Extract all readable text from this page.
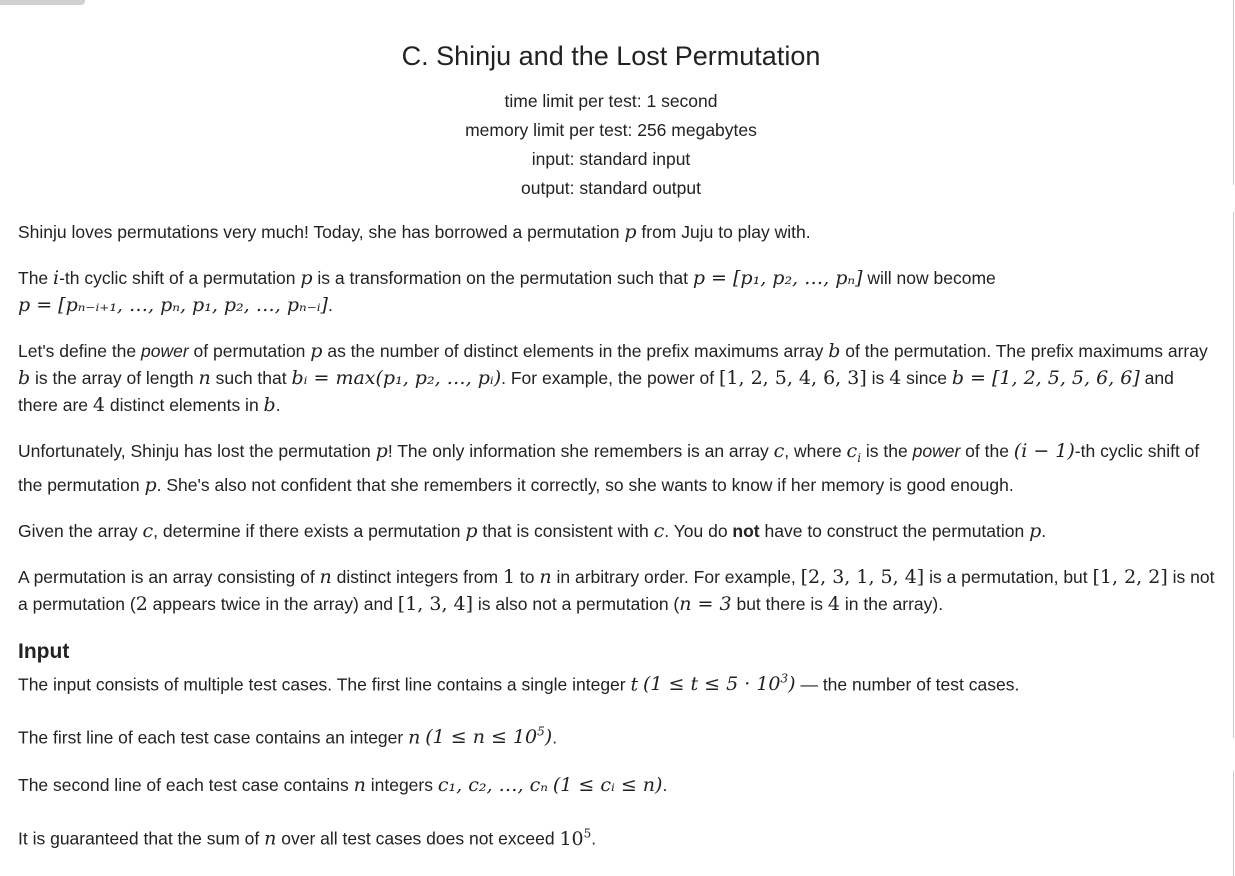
C. Shinju and the Lost Permutation
time limit per test: 1 second
memory limit per test: 256 megabytes
input: standard input
output: standard output

Shinju loves permutations very much! Today, she has borrowed a permutation p from Juju to play with.

The i-th cyclic shift of a permutation p is a transformation on the permutation such that p = [p₁, p₂, …, pₙ] will now become
p = [pₙ₋ᵢ₊₁, …, pₙ, p₁, p₂, …, pₙ₋ᵢ].

Let's define the power of permutation p as the number of distinct elements in the prefix maximums array b of the permutation. The prefix maximums array b is the array of length n such that bᵢ = max(p₁, p₂, …, pᵢ). For example, the power of [1, 2, 5, 4, 6, 3] is 4 since b = [1, 2, 5, 5, 6, 6] and there are 4 distinct elements in b.

Unfortunately, Shinju has lost the permutation p! The only information she remembers is an array c, where $c_i$ is the power of the (i − 1)-th cyclic shift of the permutation p. She's also not confident that she remembers it correctly, so she wants to know if her memory is good enough.

Given the array c, determine if there exists a permutation p that is consistent with c. You do not have to construct the permutation p.

A permutation is an array consisting of n distinct integers from 1 to n in arbitrary order. For example, [2, 3, 1, 5, 4] is a permutation, but [1, 2, 2] is not a permutation (2 appears twice in the array) and [1, 3, 4] is also not a permutation (n = 3 but there is 4 in the array).

Input

The input consists of multiple test cases. The first line contains a single integer t $(1 \le t \le 5 \cdot 10^3)$ — the number of test cases.

The first line of each test case contains an integer n $(1 \le n \le 10^5)$.

The second line of each test case contains n integers c₁, c₂, …, cₙ (1 ≤ cᵢ ≤ n).

It is guaranteed that the sum of n over all test cases does not exceed $10^5$.
